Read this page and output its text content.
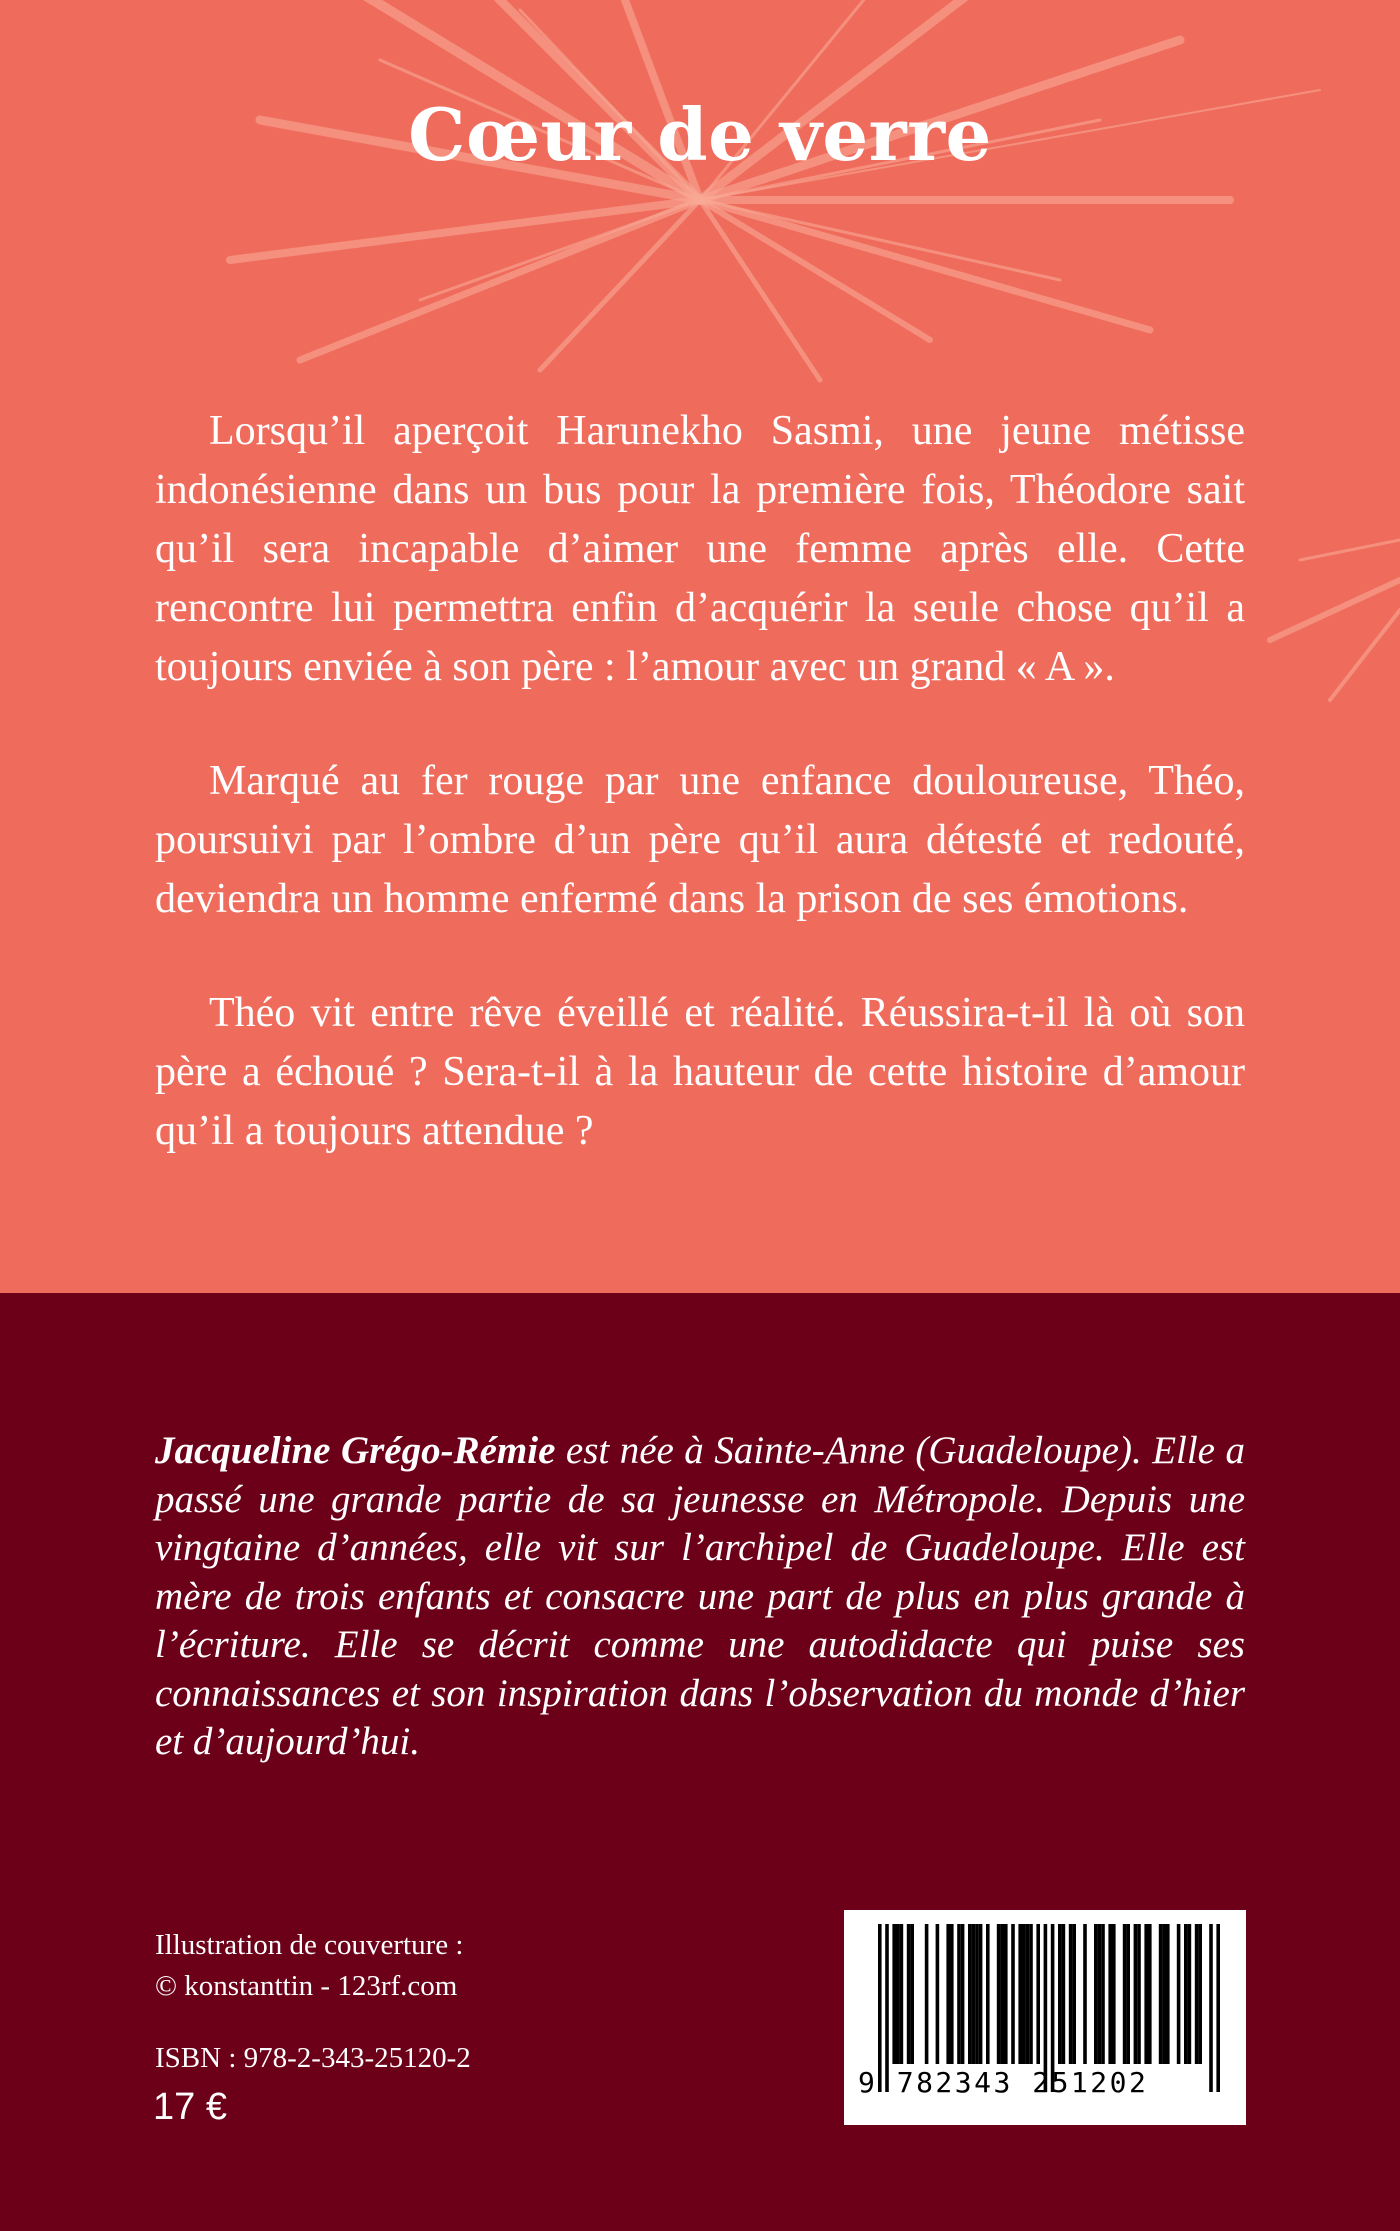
Cœur de verre

Lorsqu’il aperçoit Harunekho Sasmi, une jeune métisse indonésienne dans un bus pour la première fois, Théodore sait qu’il sera incapable d’aimer une femme après elle. Cette rencontre lui permettra enfin d’acquérir la seule chose qu’il a toujours enviée à son père : l’amour avec un grand « A ».

Marqué au fer rouge par une enfance douloureuse, Théo, poursuivi par l’ombre d’un père qu’il aura détesté et redouté, deviendra un homme enfermé dans la prison de ses émotions.

Théo vit entre rêve éveillé et réalité. Réussira-t-il là où son père a échoué ? Sera-t-il à la hauteur de cette histoire d’amour qu’il a toujours attendue ?

Jacqueline Grégo-Rémie est née à Sainte-Anne (Guadeloupe). Elle a passé une grande partie de sa jeunesse en Métropole. Depuis une vingtaine d’années, elle vit sur l’archipel de Guadeloupe. Elle est mère de trois enfants et consacre une part de plus en plus grande à l’écriture. Elle se décrit comme une autodidacte qui puise ses connaissances et son inspiration dans l’observation du monde d’hier et d’aujourd’hui.

Illustration de couverture :
© konstanttin - 123rf.com
ISBN : 978-2-343-25120-2
17 €
9 782343 251202
